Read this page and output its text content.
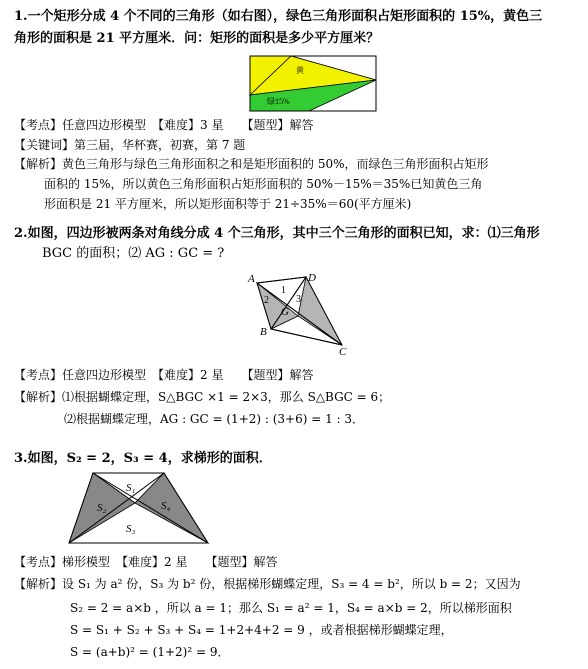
1.一个矩形分成 4 个不同的三角形（如右图），绿色三角形面积占矩形面积的 15%，黄色三
角形的面积是 21 平方厘米．问：矩形的面积是多少平方厘米？
黄
绿15%
【考点】任意四边形模型　【难度】3 星　　【题型】解答
【关键词】第三届，华杯赛，初赛，第 7 题
【解析】黄色三角形与绿色三角形面积之和是矩形面积的 50%，而绿色三角形面积占矩形
面积的 15%，所以黄色三角形面积占矩形面积的 50%－15%＝35%已知黄色三角
形面积是 21 平方厘米，所以矩形面积等于 21÷35%＝60(平方厘米)
2.如图，四边形被两条对角线分成 4 个三角形，其中三个三角形的面积已知，求：⑴三角形
BGC 的面积；⑵ AG : GC = ?
A	D
B
C
G
1
2	3
【考点】任意四边形模型　【难度】2 星　　【题型】解答
【解析】⑴根据蝴蝶定理，S△BGC ×1 = 2×3，那么 S△BGC = 6；
⑵根据蝴蝶定理，AG : GC = (1+2) : (3+6) = 1 : 3．
3.如图，S₂ = 2，S₃ = 4，求梯形的面积．
S₁
S₂	S₄
S₃
【考点】梯形模型　【难度】2 星　　【题型】解答
【解析】设 S₁ 为 a² 份，S₃ 为 b² 份，根据梯形蝴蝶定理，S₃ = 4 = b²，所以 b = 2；又因为
S₂ = 2 = a×b ，所以 a = 1；那么 S₁ = a² = 1，S₄ = a×b = 2，所以梯形面积
S = S₁ + S₂ + S₃ + S₄ = 1+2+4+2 = 9 ，或者根据梯形蝴蝶定理，
S = (a+b)² = (1+2)² = 9．
